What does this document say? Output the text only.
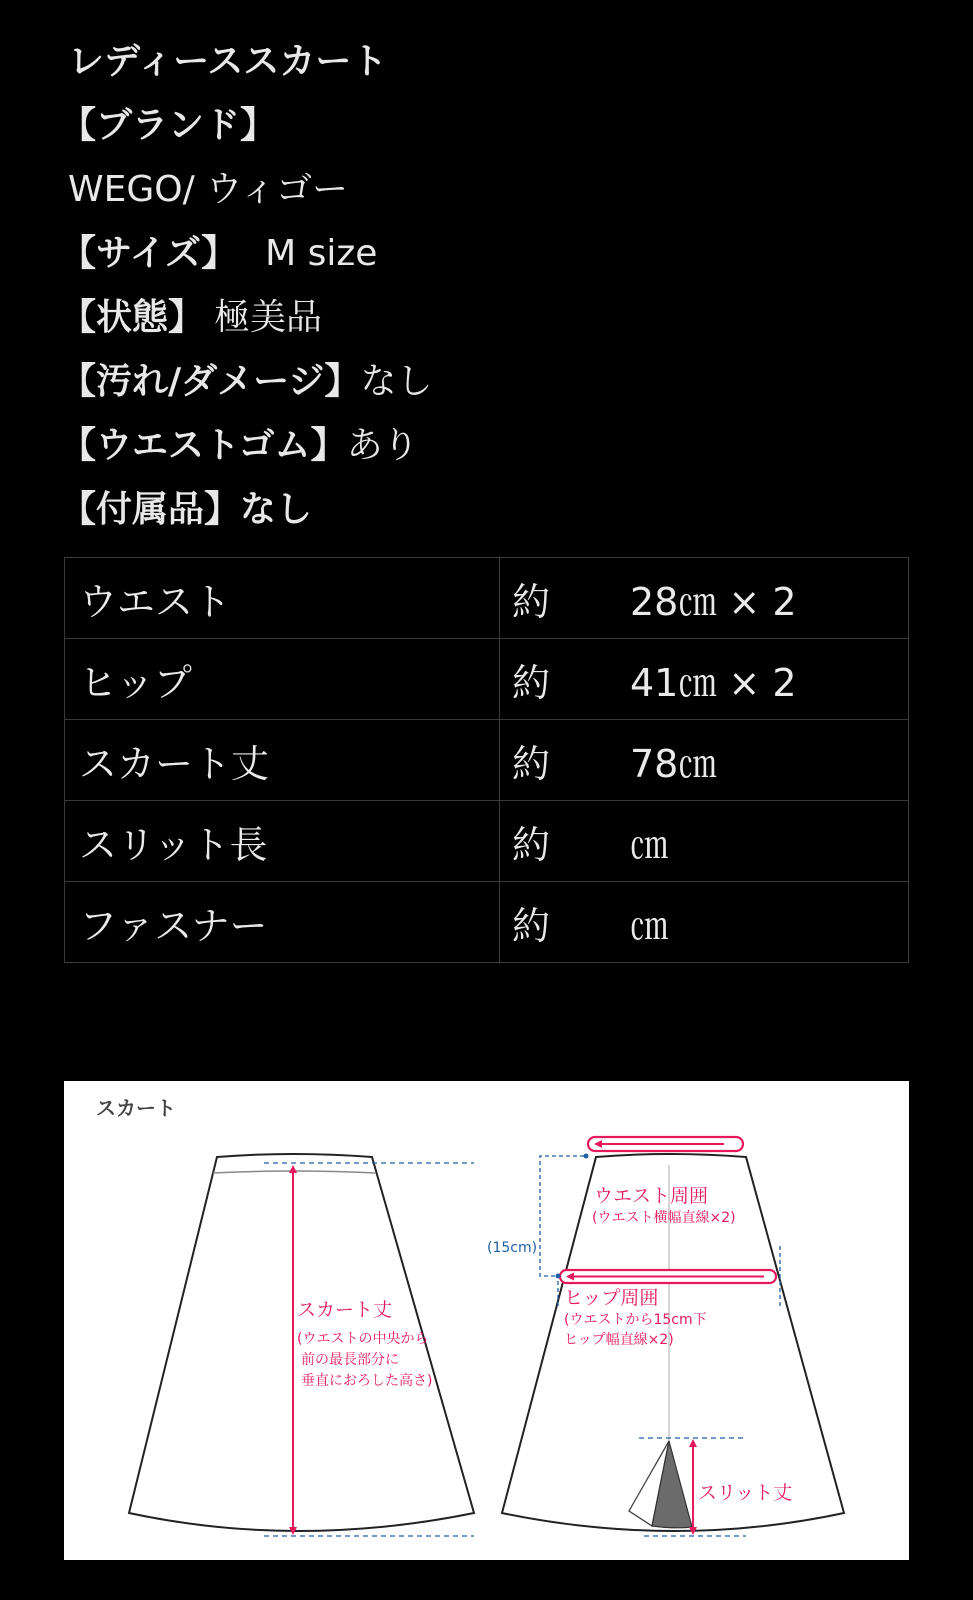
レディーススカート
【ブランド】
WEGO/ ウィゴー
【サイズ】 M size
【状態】 極美品
【汚れ/ダメージ】なし
【ウエストゴム】あり
【付属品】なし
ウエスト	約 28㎝ × 2
ヒップ	約 41㎝ × 2
スカート丈	約 78㎝
スリット長	約 ㎝
ファスナー	約 ㎝
スカート
スカート丈
(ウエストの中央から
前の最長部分に
垂直におろした高さ)
ウエスト周囲
(ウエスト横幅直線×2)
(15cm)
ヒップ周囲
(ウエストから15cm下
ヒップ幅直線×2)
スリット丈
